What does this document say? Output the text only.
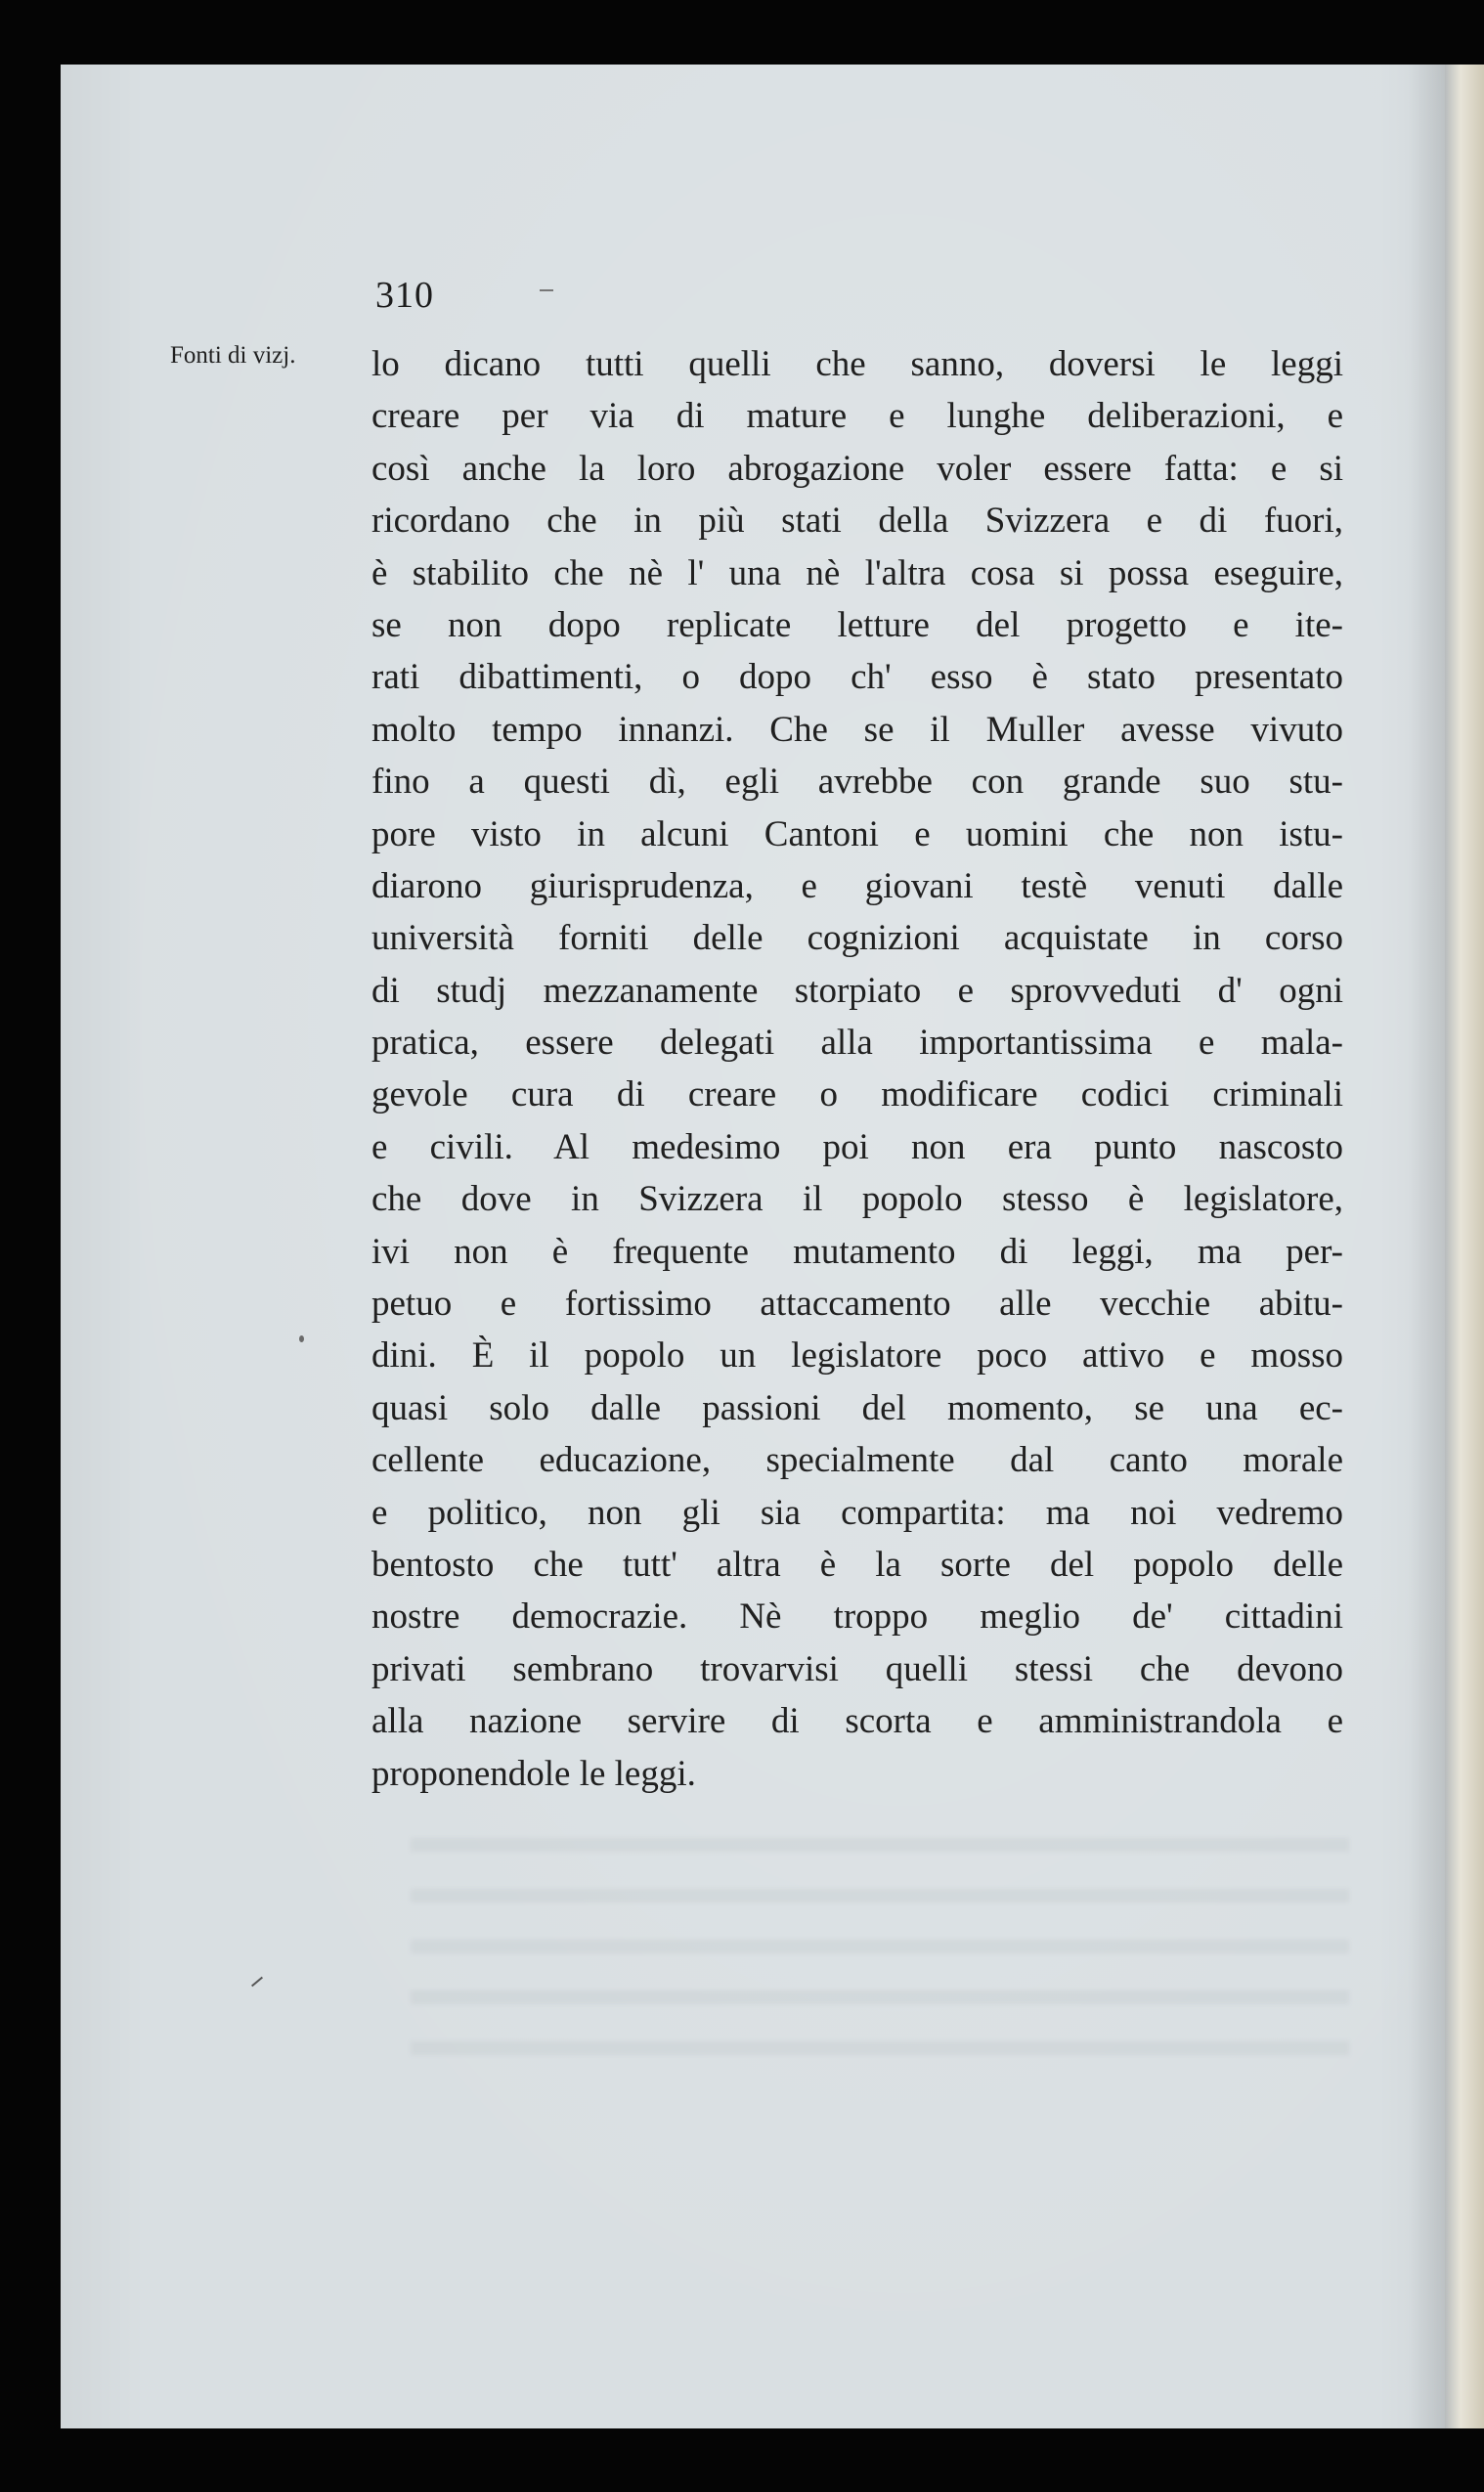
310
Fonti di vizj. lo dicano tutti quelli che sanno, doversi le leggi
creare per via di mature e lunghe deliberazioni, e
così anche la loro abrogazione voler essere fatta: e si
ricordano che in più stati della Svizzera e di fuori,
è stabilito che nè l' una nè l'altra cosa si possa eseguire,
se non dopo replicate letture del progetto e ite-
rati dibattimenti, o dopo ch' esso è stato presentato
molto tempo innanzi. Che se il Muller avesse vivuto
fino a questi dì, egli avrebbe con grande suo stu-
pore visto in alcuni Cantoni e uomini che non istu-
diarono giurisprudenza, e giovani testè venuti dalle
università forniti delle cognizioni acquistate in corso
di studj mezzanamente storpiato e sprovveduti d' ogni
pratica, essere delegati alla importantissima e mala-
gevole cura di creare o modificare codici criminali
e civili. Al medesimo poi non era punto nascosto
che dove in Svizzera il popolo stesso è legislatore,
ivi non è frequente mutamento di leggi, ma per-
petuo e fortissimo attaccamento alle vecchie abitu-
dini. È il popolo un legislatore poco attivo e mosso
quasi solo dalle passioni del momento, se una ec-
cellente educazione, specialmente dal canto morale
e politico, non gli sia compartita: ma noi vedremo
bentosto che tutt' altra è la sorte del popolo delle
nostre democrazie. Nè troppo meglio de' cittadini
privati sembrano trovarvisi quelli stessi che devono
alla nazione servire di scorta e amministrandola e
proponendole le leggi.
